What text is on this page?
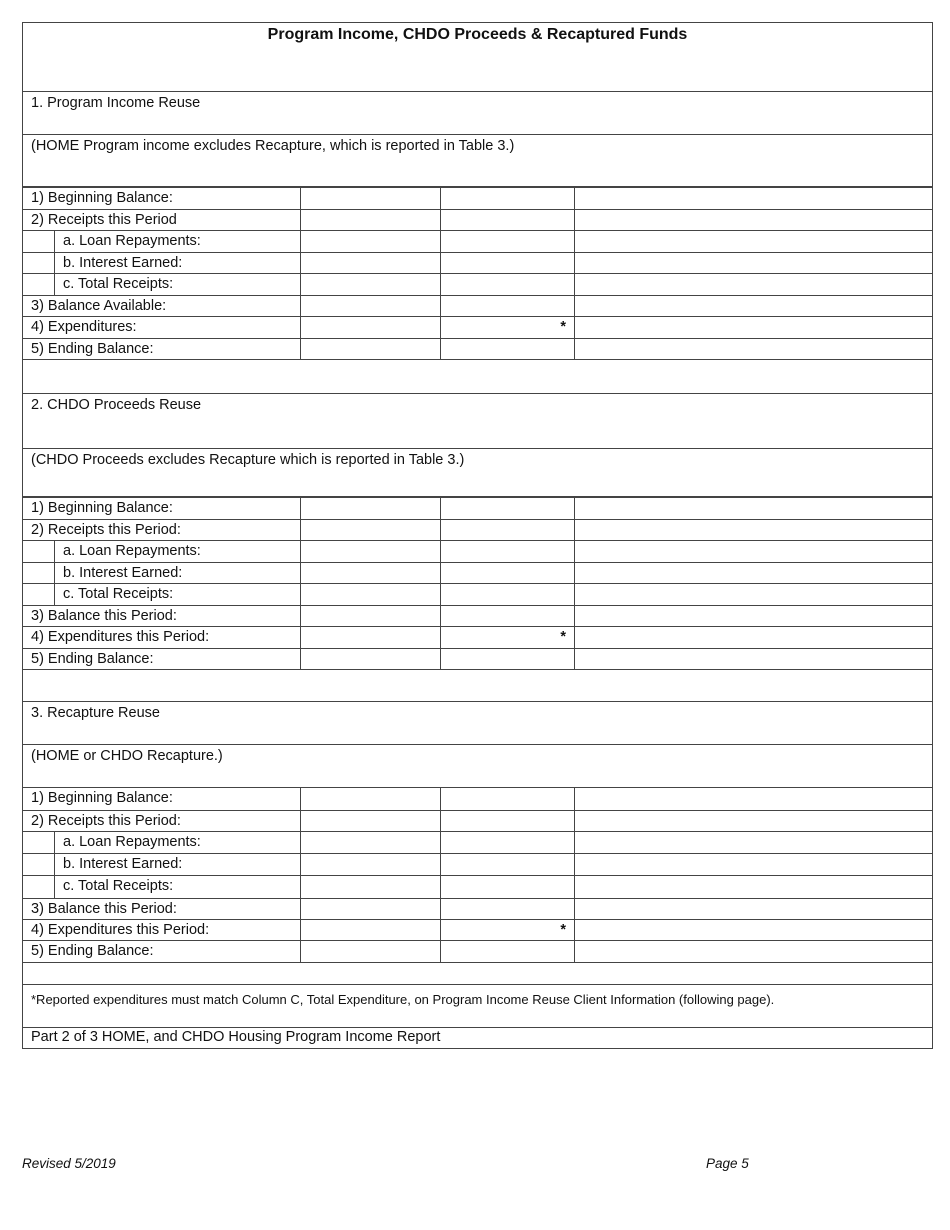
Program Income, CHDO Proceeds & Recaptured Funds
1. Program Income Reuse
(HOME Program income excludes Recapture, which is reported in Table 3.)
1) Beginning Balance:
2) Receipts this Period
a. Loan Repayments:
b. Interest Earned:
c. Total Receipts:
3) Balance Available:
4) Expenditures:	*
5) Ending Balance:
2. CHDO Proceeds Reuse
(CHDO Proceeds excludes Recapture which is reported in Table 3.)
1) Beginning Balance:
2) Receipts this Period:
a. Loan Repayments:
b. Interest Earned:
c. Total Receipts:
3) Balance this Period:
4) Expenditures this Period:	*
5) Ending Balance:
3. Recapture Reuse
(HOME or CHDO Recapture.)
1) Beginning Balance:
2) Receipts this Period:
a. Loan Repayments:
b. Interest Earned:
c. Total Receipts:
3) Balance this Period:
4) Expenditures this Period:	*
5) Ending Balance:
*Reported expenditures must match Column C, Total Expenditure, on Program Income Reuse Client Information (following page).
Part 2 of 3 HOME, and CHDO Housing Program Income Report
Revised 5/2019	Page 5
